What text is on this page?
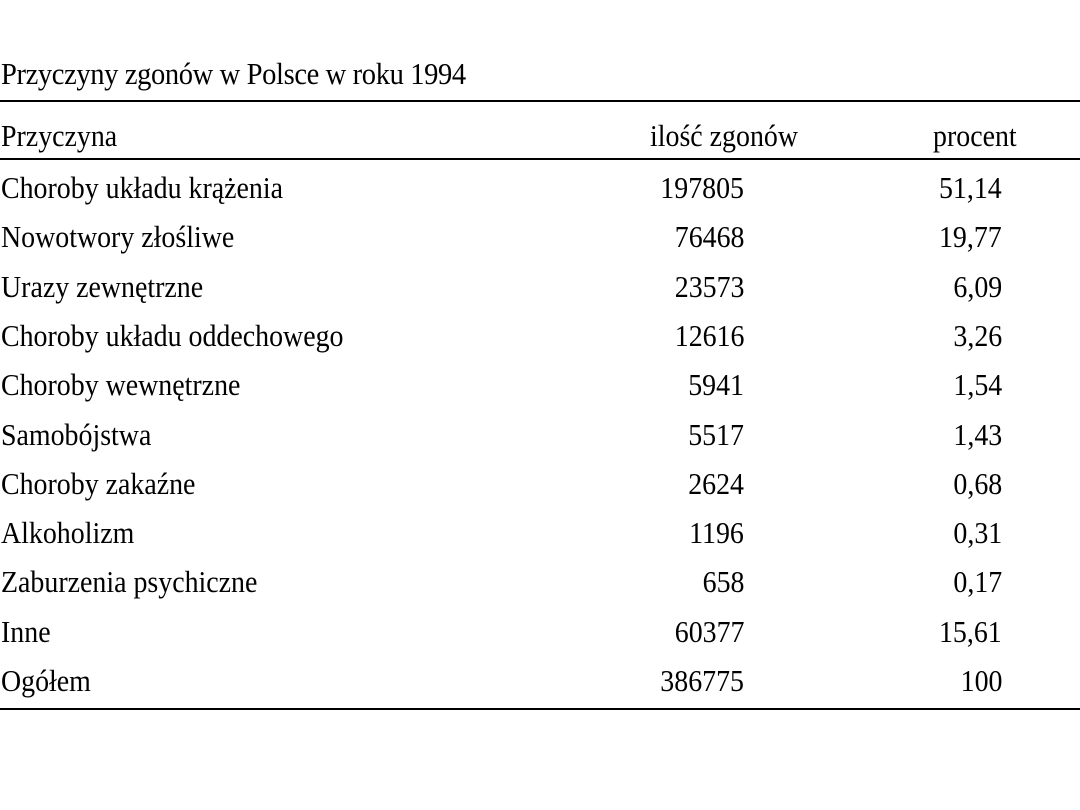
Przyczyny zgonów w Polsce w roku 1994
Przyczyna	ilość zgonów	procent
Choroby układu krążenia	197805	51,14
Nowotwory złośliwe	76468	19,77
Urazy zewnętrzne	23573	6,09
Choroby układu oddechowego	12616	3,26
Choroby wewnętrzne	5941	1,54
Samobójstwa	5517	1,43
Choroby zakaźne	2624	0,68
Alkoholizm	1196	0,31
Zaburzenia psychiczne	658	0,17
Inne	60377	15,61
Ogółem	386775	100
